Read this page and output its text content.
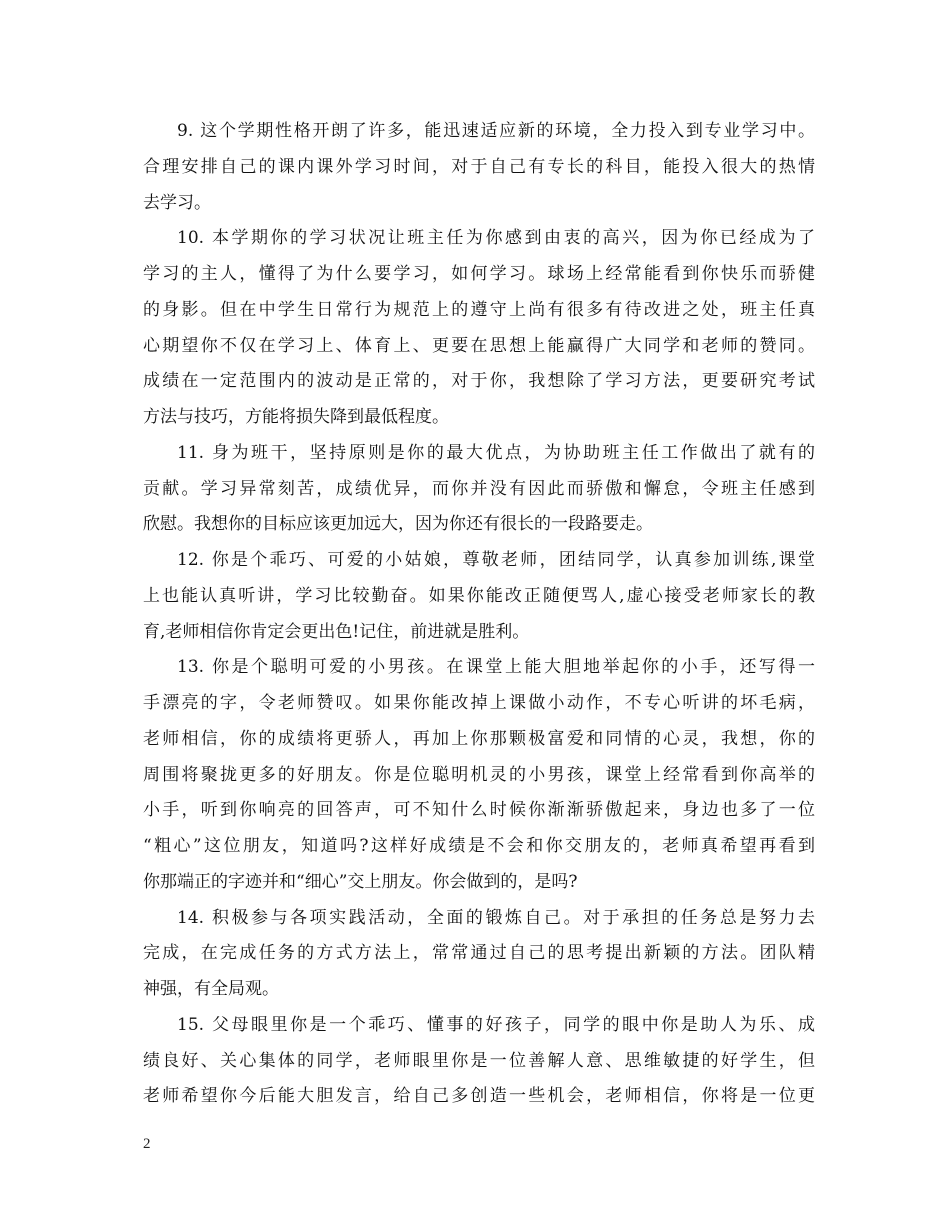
9. 这个学期性格开朗了许多，能迅速适应新的环境，全力投入到专业学习中。
合理安排自己的课内课外学习时间，对于自己有专长的科目，能投入很大的热情
去学习。
10. 本学期你的学习状况让班主任为你感到由衷的高兴，因为你已经成为了
学习的主人，懂得了为什么要学习，如何学习。球场上经常能看到你快乐而骄健
的身影。但在中学生日常行为规范上的遵守上尚有很多有待改进之处，班主任真
心期望你不仅在学习上、体育上、更要在思想上能赢得广大同学和老师的赞同。
成绩在一定范围内的波动是正常的，对于你，我想除了学习方法，更要研究考试
方法与技巧，方能将损失降到最低程度。
11. 身为班干，坚持原则是你的最大优点，为协助班主任工作做出了就有的
贡献。学习异常刻苦，成绩优异，而你并没有因此而骄傲和懈怠，令班主任感到
欣慰。我想你的目标应该更加远大，因为你还有很长的一段路要走。
12. 你是个乖巧、可爱的小姑娘，尊敬老师，团结同学，认真参加训练,课堂
上也能认真听讲，学习比较勤奋。如果你能改正随便骂人,虚心接受老师家长的教
育,老师相信你肯定会更出色!记住，前进就是胜利。
13. 你是个聪明可爱的小男孩。在课堂上能大胆地举起你的小手，还写得一
手漂亮的字，令老师赞叹。如果你能改掉上课做小动作，不专心听讲的坏毛病，
老师相信，你的成绩将更骄人，再加上你那颗极富爱和同情的心灵，我想，你的
周围将聚拢更多的好朋友。你是位聪明机灵的小男孩，课堂上经常看到你高举的
小手，听到你响亮的回答声，可不知什么时候你渐渐骄傲起来，身边也多了一位
“粗心”这位朋友，知道吗?这样好成绩是不会和你交朋友的，老师真希望再看到
你那端正的字迹并和“细心”交上朋友。你会做到的，是吗?
14. 积极参与各项实践活动，全面的锻炼自己。对于承担的任务总是努力去
完成，在完成任务的方式方法上，常常通过自己的思考提出新颖的方法。团队精
神强，有全局观。
15. 父母眼里你是一个乖巧、懂事的好孩子，同学的眼中你是助人为乐、成
绩良好、关心集体的同学，老师眼里你是一位善解人意、思维敏捷的好学生，但
老师希望你今后能大胆发言，给自己多创造一些机会，老师相信，你将是一位更
2
